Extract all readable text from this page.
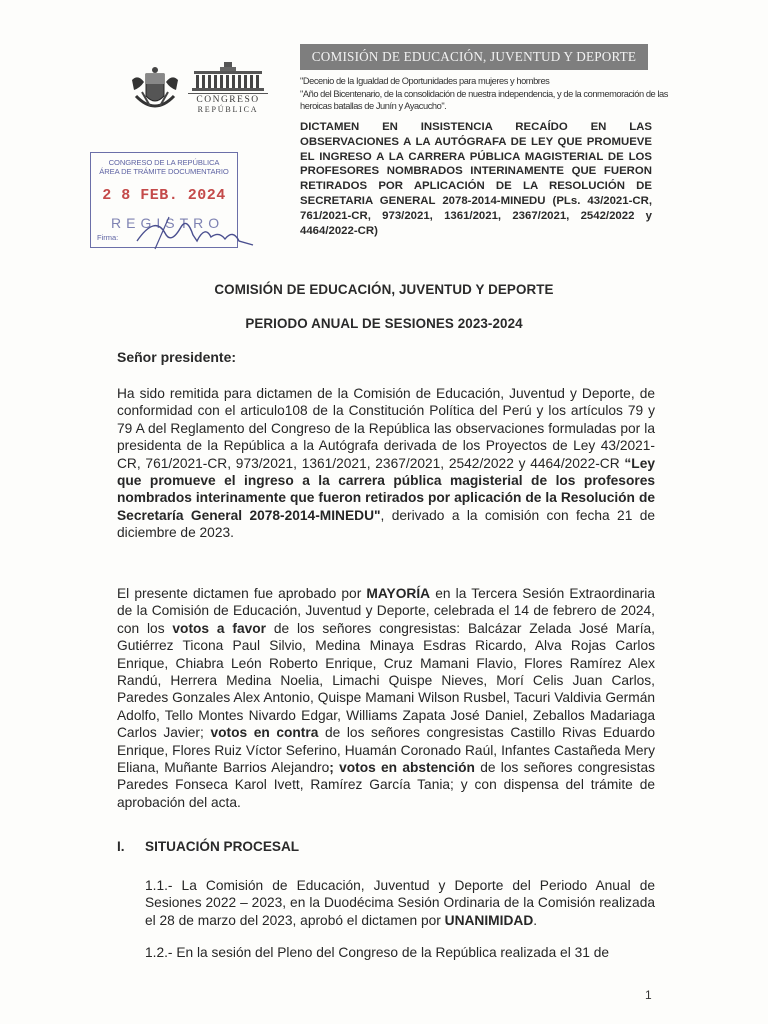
CONGRESO
REPÚBLICA
COMISIÓN DE EDUCACIÓN, JUVENTUD Y DEPORTE
"Decenio de la Igualdad de Oportunidades para mujeres y hombres
"Año del Bicentenario, de la consolidación de nuestra independencia, y de la conmemoración de las
heroicas batallas de Junín y Ayacucho".
DICTAMEN EN INSISTENCIA RECAÍDO EN LAS OBSERVACIONES A LA AUTÓGRAFA DE LEY QUE PROMUEVE EL INGRESO A LA CARRERA PÚBLICA MAGISTERIAL DE LOS PROFESORES NOMBRADOS INTERINAMENTE QUE FUERON RETIRADOS POR APLICACIÓN DE LA RESOLUCIÓN DE SECRETARIA GENERAL 2078-2014-MINEDU (PLs. 43/2021-CR, 761/2021-CR, 973/2021, 1361/2021, 2367/2021, 2542/2022 y 4464/2022-CR)
CONGRESO DE LA REPÚBLICA
ÁREA DE TRÁMITE DOCUMENTARIO
2 8 FEB. 2024
REGISTRO
Firma:
COMISIÓN DE EDUCACIÓN, JUVENTUD Y DEPORTE
PERIODO ANUAL DE SESIONES 2023-2024
Señor presidente:
Ha sido remitida para dictamen de la Comisión de Educación, Juventud y Deporte, de conformidad con el articulo108 de la Constitución Política del Perú y los artículos 79 y 79 A del Reglamento del Congreso de la República las observaciones formuladas por la presidenta de la República a la Autógrafa derivada de los Proyectos de Ley 43/2021-CR, 761/2021-CR, 973/2021, 1361/2021, 2367/2021, 2542/2022 y 4464/2022-CR “Ley que promueve el ingreso a la carrera pública magisterial de los profesores nombrados interinamente que fueron retirados por aplicación de la Resolución de Secretaría General 2078-2014-MINEDU", derivado a la comisión con fecha 21 de diciembre de 2023.
El presente dictamen fue aprobado por MAYORÍA en la Tercera Sesión Extraordinaria de la Comisión de Educación, Juventud y Deporte, celebrada el 14 de febrero de 2024, con los votos a favor de los señores congresistas: Balcázar Zelada José María, Gutiérrez Ticona Paul Silvio, Medina Minaya Esdras Ricardo, Alva Rojas Carlos Enrique, Chiabra León Roberto Enrique, Cruz Mamani Flavio, Flores Ramírez Alex Randú, Herrera Medina Noelia, Limachi Quispe Nieves, Morí Celis Juan Carlos, Paredes Gonzales Alex Antonio, Quispe Mamani Wilson Rusbel, Tacuri Valdivia Germán Adolfo, Tello Montes Nivardo Edgar, Williams Zapata José Daniel, Zeballos Madariaga Carlos Javier; votos en contra de los señores congresistas Castillo Rivas Eduardo Enrique, Flores Ruiz Víctor Seferino, Huamán Coronado Raúl, Infantes Castañeda Mery Eliana, Muñante Barrios Alejandro; votos en abstención de los señores congresistas Paredes Fonseca Karol Ivett, Ramírez García Tania; y con dispensa del trámite de aprobación del acta.
I. SITUACIÓN PROCESAL
1.1.- La Comisión de Educación, Juventud y Deporte del Periodo Anual de Sesiones 2022 – 2023, en la Duodécima Sesión Ordinaria de la Comisión realizada el 28 de marzo del 2023, aprobó el dictamen por UNANIMIDAD.
1.2.- En la sesión del Pleno del Congreso de la República realizada el 31 de
1
